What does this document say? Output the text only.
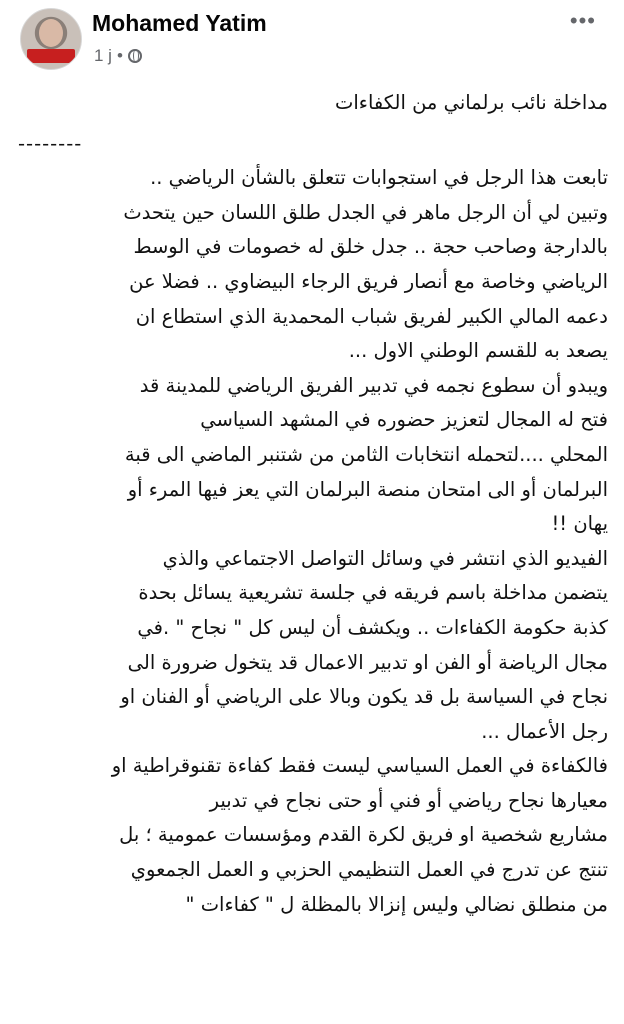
Mohamed Yatim
1 j •
•••

مداخلة نائب برلماني من الكفاءات

--------

تابعت هذا الرجل في استجوابات تتعلق بالشأن الرياضي ..

وتبين لي أن الرجل ماهر في الجدل طلق اللسان حين يتحدث

بالدارجة وصاحب حجة .. جدل خلق له خصومات في الوسط

الرياضي وخاصة مع أنصار فريق الرجاء البيضاوي .. فضلا عن

دعمه المالي الكبير لفريق شباب المحمدية الذي استطاع ان

يصعد به للقسم الوطني الاول ...

ويبدو أن سطوع نجمه في تدبير الفريق الرياضي للمدينة قد

فتح له المجال لتعزيز حضوره في المشهد السياسي

المحلي ....لتحمله انتخابات الثامن من شتنبر الماضي الى قبة

البرلمان أو الى امتحان منصة البرلمان التي يعز فيها المرء أو

يهان !!

الفيديو الذي انتشر في وسائل التواصل الاجتماعي والذي

يتضمن مداخلة باسم فريقه في جلسة تشريعية يسائل بحدة

كذبة حكومة الكفاءات .. ويكشف أن ليس كل " نجاح " .في

مجال الرياضة أو الفن او تدبير الاعمال قد يتخول ضرورة الى

نجاح في السياسة بل قد يكون وبالا على الرياضي أو الفنان او

رجل الأعمال ...

فالكفاءة في العمل السياسي ليست فقط كفاءة تقنوقراطية او

معيارها نجاح رياضي أو فني أو حتى نجاح في تدبير

مشاريع شخصية او فريق لكرة القدم ومؤسسات عمومية ؛ بل

تنتج عن تدرج في العمل التنظيمي الحزبي و العمل الجمعوي

من منطلق نضالي وليس إنزالا بالمظلة ل " كفاءات "
